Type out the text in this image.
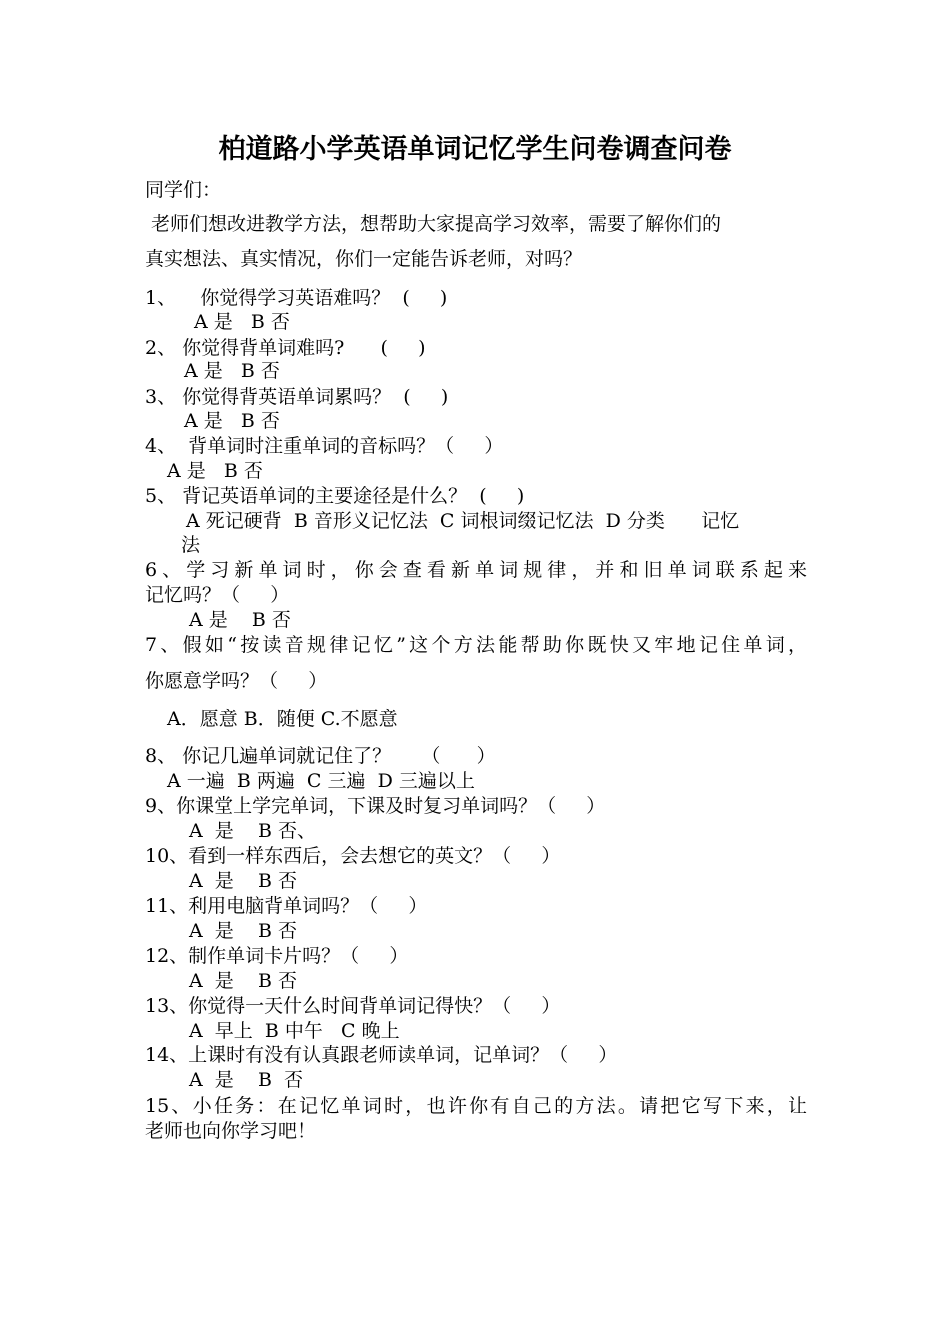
柏道路小学英语单词记忆学生问卷调查问卷

同学们：

老师们想改进教学方法，想帮助大家提高学习效率，需要了解你们的

真实想法、真实情况，你们一定能告诉老师，对吗？

1、    你觉得学习英语难吗？  (     )

A 是   B 否

2、 你觉得背单词难吗?      (     )

A 是   B 否

3、 你觉得背英语单词累吗？  (     )

A 是   B 否

4、  背单词时注重单词的音标吗？（     ）

A 是   B 否

5、 背记英语单词的主要途径是什么？  (     )

A 死记硬背  B 音形义记忆法  C 词根词缀记忆法  D 分类      记忆

法

6、学习新单词时，你会查看新单词规律，并和旧单词联系起来

记忆吗？（     ）

A 是    B 否

7、假如“按读音规律记忆”这个方法能帮助你既快又牢地记住单词，

你愿意学吗？（     ）

A．愿意 B．随便 C.不愿意

8、 你记几遍单词就记住了？     （      ）

A 一遍  B 两遍  C 三遍  D 三遍以上

9、你课堂上学完单词，下课及时复习单词吗？（     ）

A  是    B 否、

10、看到一样东西后，会去想它的英文？（     ）

A  是    B 否

11、利用电脑背单词吗？（     ）

A  是    B 否

12、制作单词卡片吗？（     ）

A  是    B 否

13、你觉得一天什么时间背单词记得快？（     ）

A  早上  B 中午   C 晚上

14、上课时有没有认真跟老师读单词，记单词？（     ）

A  是    B  否

15、小任务：在记忆单词时，也许你有自己的方法。请把它写下来，让

老师也向你学习吧！
